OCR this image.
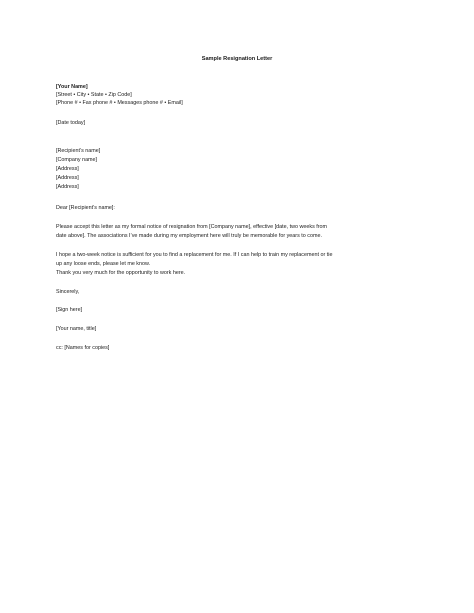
Sample Resignation Letter
[Your Name]
[Street • City • State • Zip Code]
[Phone # • Fax phone # • Messages phone # • Email]
[Date today]
[Recipient’s name]
[Company name]
[Address]
[Address]
[Address]
Dear [Recipient’s name]:
Please accept this letter as my formal notice of resignation from [Company name], effective [date, two weeks from
date above]. The associations I’ve made during my employment here will truly be memorable for years to come.
I hope a two-week notice is sufficient for you to find a replacement for me. If I can help to train my replacement or tie
up any loose ends, please let me know.
Thank you very much for the opportunity to work here.
Sincerely,
[Sign here]
[Your name, title]
cc: [Names for copies]
